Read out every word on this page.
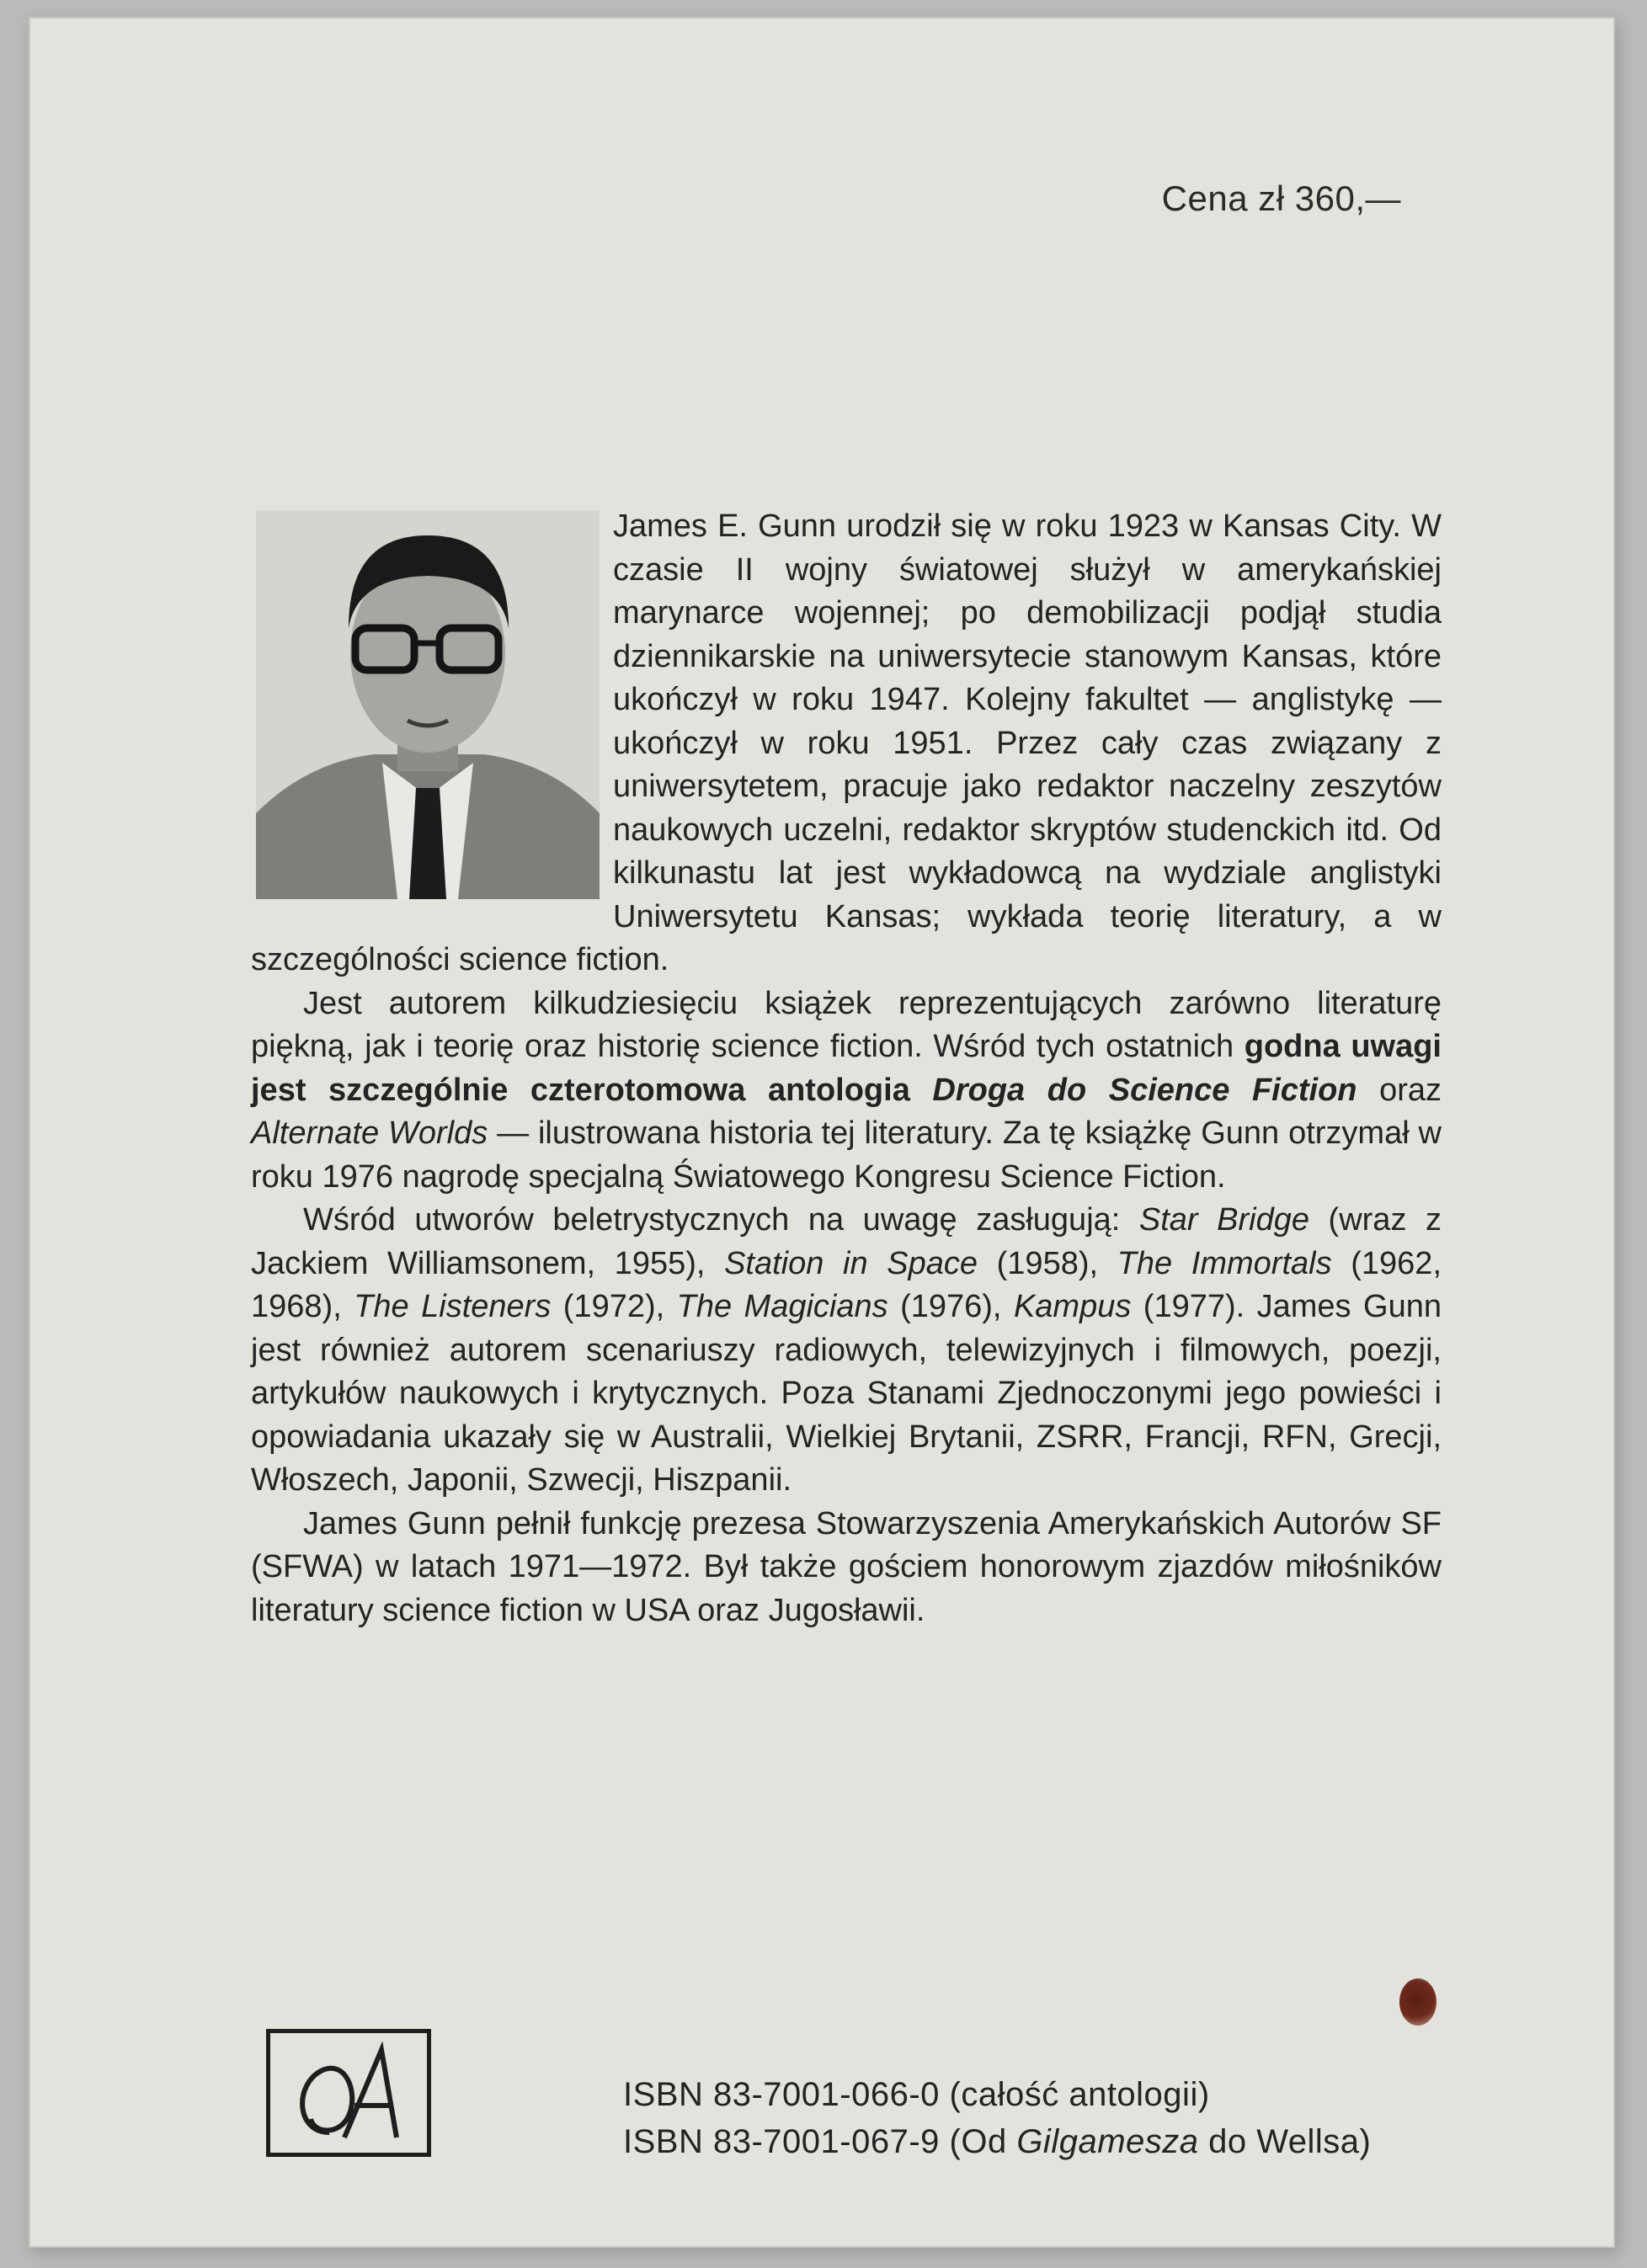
Cena zł 360,—

James E. Gunn urodził się w roku 1923 w Kansas City. W czasie II wojny światowej służył w amerykańskiej marynarce wojennej; po demobilizacji podjął studia dziennikarskie na uniwersytecie stanowym Kansas, które ukończył w roku 1947. Kolejny fakultet — anglistykę — ukończył w roku 1951. Przez cały czas związany z uniwersytetem, pracuje jako redaktor naczelny zeszytów naukowych uczelni, redaktor skryptów studenckich itd. Od kilkunastu lat jest wykładowcą na wydziale anglistyki Uniwersytetu Kansas; wykłada teorię literatury, a w szczególności science fiction.

Jest autorem kilkudziesięciu książek reprezentujących zarówno literaturę piękną, jak i teorię oraz historię science fiction. Wśród tych ostatnich godna uwagi jest szczególnie czterotomowa antologia Droga do Science Fiction oraz Alternate Worlds — ilustrowana historia tej literatury. Za tę książkę Gunn otrzymał w roku 1976 nagrodę specjalną Światowego Kongresu Science Fiction.

Wśród utworów beletrystycznych na uwagę zasługują: Star Bridge (wraz z Jackiem Williamsonem, 1955), Station in Space (1958), The Immortals (1962, 1968), The Listeners (1972), The Magicians (1976), Kampus (1977). James Gunn jest również autorem scenariuszy radiowych, telewizyjnych i filmowych, poezji, artykułów naukowych i krytycznych. Poza Stanami Zjednoczonymi jego powieści i opowiadania ukazały się w Australii, Wielkiej Brytanii, ZSRR, Francji, RFN, Grecji, Włoszech, Japonii, Szwecji, Hiszpanii.

James Gunn pełnił funkcję prezesa Stowarzyszenia Amerykańskich Autorów SF (SFWA) w latach 1971—1972. Był także gościem honorowym zjazdów miłośników literatury science fiction w USA oraz Jugosławii.

ISBN 83-7001-066-0 (całość antologii)
ISBN 83-7001-067-9 (Od Gilgamesza do Wellsa)
